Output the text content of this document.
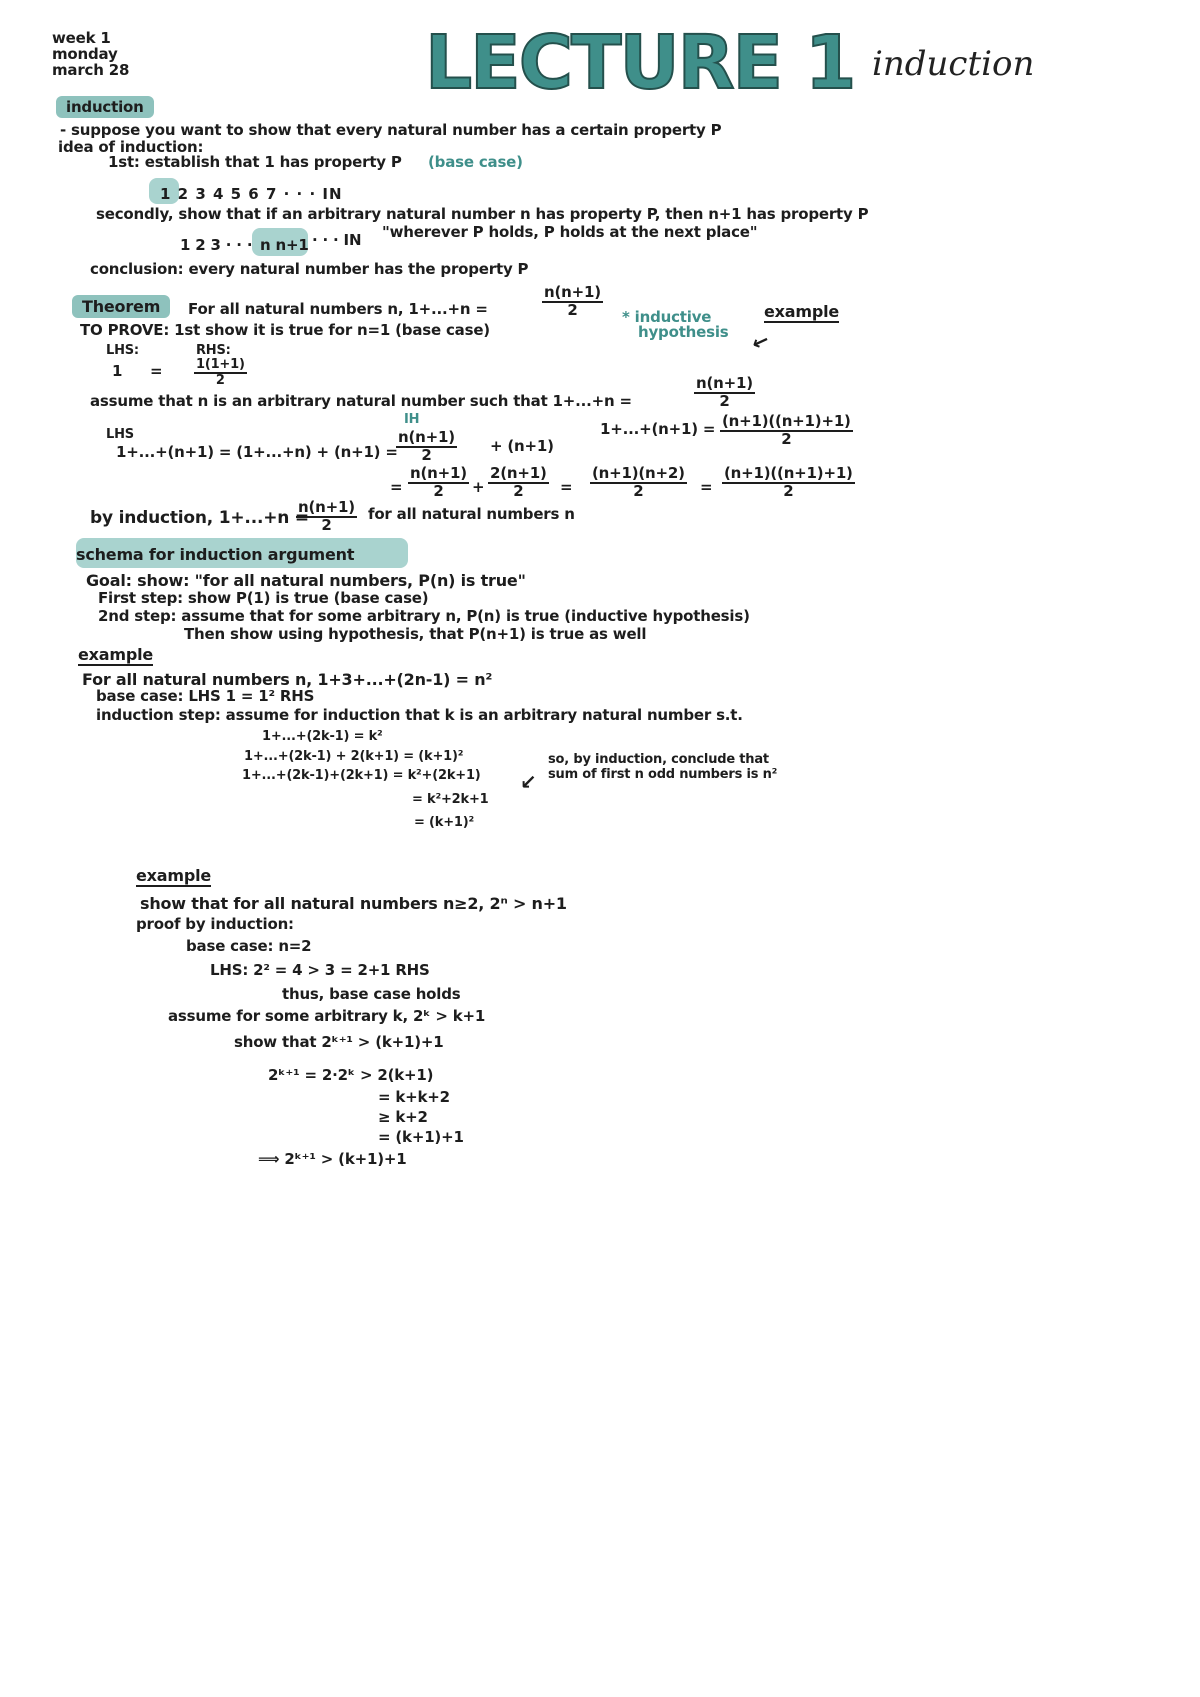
week 1
monday
march 28	LECTURE 1 induction
induction
- suppose you want to show that every natural number has a certain property P
idea of induction:
1st: establish that 1 has property P (base case)
1 2 3 4 5 6 7 · · · IN
secondly, show that if an arbitrary natural number n has property P, then n+1 has property P
1 2 3 · · · n n+1 · · · IN "wherever P holds, P holds at the next place"
conclusion: every natural number has the property P
Theorem	For all natural numbers n, 1+...+n =	$\frac{n(n+1)}{2}$ * inductive
hypothesis
example
↙
TO PROVE: 1st show it is true for n=1 (base case)
LHS:	RHS:
$1 = \frac{1(1+1)}{2}$
assume that n is an arbitrary natural number such that 1+...+n =	$\frac{n(n+1)}{2}$
$1+...+(n+1) = \frac{(n+1)((n+1)+1)}{2}$
IH
LHS
1+...+(n+1) = (1+...+n) + (n+1) =
$\frac{n(n+1)}{2} + (n+1)$
= $\frac{n(n+1)}{2} + \frac{2(n+1)}{2} = \frac{(n+1)(n+2)}{2} = \frac{(n+1)((n+1)+1)}{2}$
by induction, 1+...+n =
$\frac{n(n+1)}{2}$ for all natural numbers n
schema for induction argument
Goal: show: "for all natural numbers, P(n) is true"
First step: show P(1) is true (base case)
2nd step: assume that for some arbitrary n, P(n) is true (inductive hypothesis)
Then show using hypothesis, that P(n+1) is true as well
example
For all natural numbers n, 1+3+...+(2n-1) = n²
base case: LHS 1 = 1² RHS
induction step: assume for induction that k is an arbitrary natural number s.t.
1+...+(2k-1) = k²
1+...+(2k-1) + 2(k+1) = (k+1)²
1+...+(2k-1)+(2k+1) = k²+(2k+1)
= k²+2k+1
= (k+1)²
↙
so, by induction, conclude that
sum of first n odd numbers is n²
example
show that for all natural numbers n≥2, 2ⁿ > n+1
proof by induction:
base case: n=2
LHS: 2² = 4 > 3 = 2+1 RHS
thus, base case holds
assume for some arbitrary k, 2ᵏ > k+1
show that 2ᵏ⁺¹ > (k+1)+1
2ᵏ⁺¹ = 2·2ᵏ > 2(k+1)
= k+k+2
≥ k+2
= (k+1)+1
⟹ 2ᵏ⁺¹ > (k+1)+1
